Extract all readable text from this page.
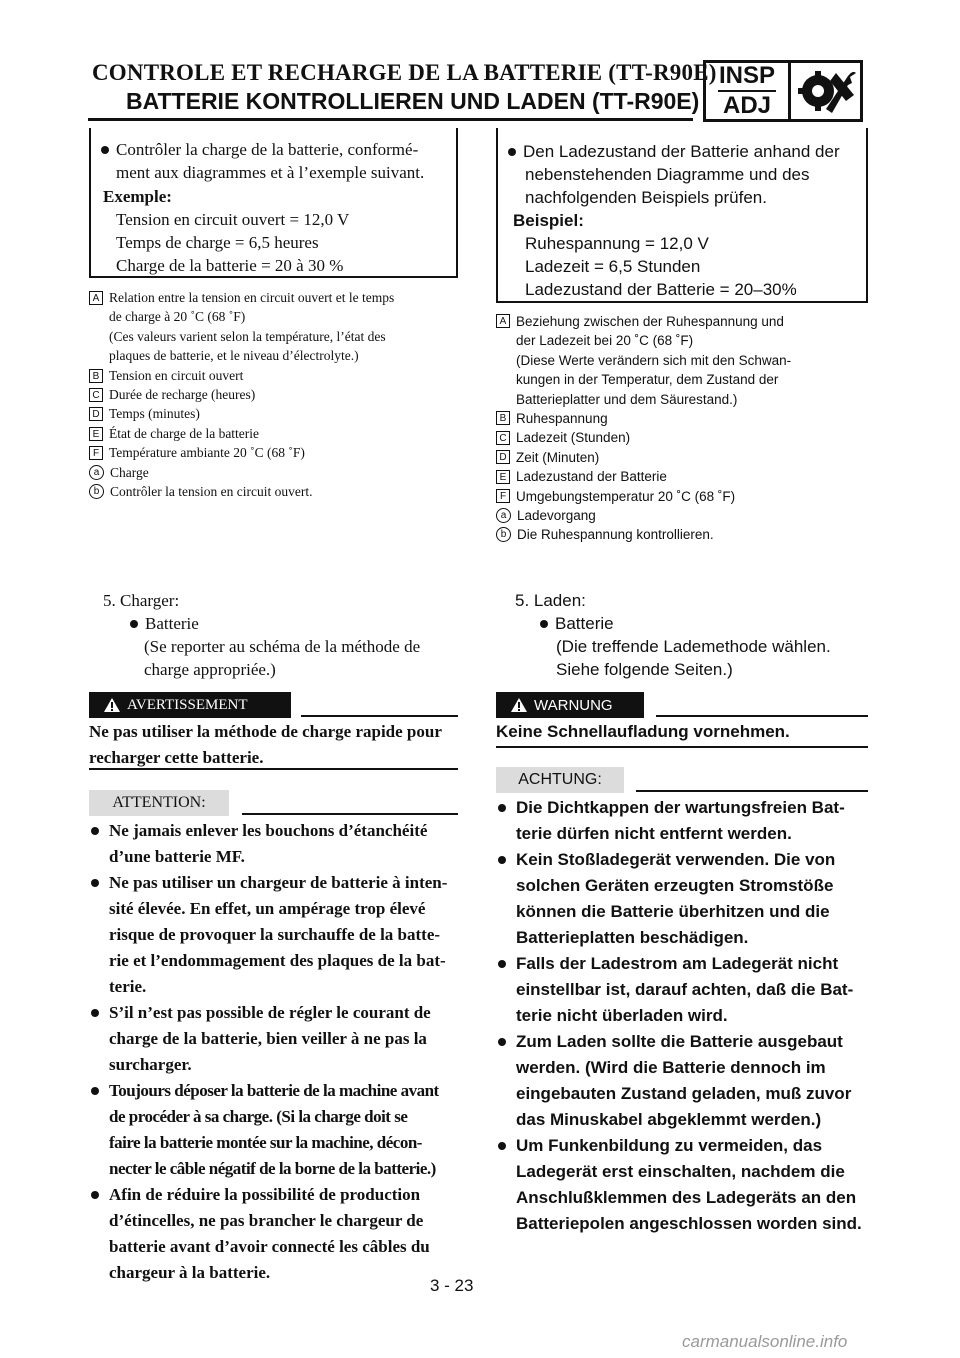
CONTROLE ET RECHARGE DE LA BATTERIE (TT-R90E)
BATTERIE KONTROLLIEREN UND LADEN (TT-R90E)
INSP
ADJ
Contrôler la charge de la batterie, conformé-
ment aux diagrammes et à l’exemple suivant.
Exemple:
Tension en circuit ouvert = 12,0 V
Temps de charge = 6,5 heures
Charge de la batterie = 20 à 30 %
Den Ladezustand der Batterie anhand der
nebenstehenden Diagramme und des
nachfolgenden Beispiels prüfen.
Beispiel:
Ruhespannung = 12,0 V
Ladezeit = 6,5 Stunden
Ladezustand der Batterie = 20–30%
A Relation entre la tension en circuit ouvert et le temps
de charge à 20 ˚C (68 ˚F)
(Ces valeurs varient selon la température, l’état des
plaques de batterie, et le niveau d’électrolyte.)
B Tension en circuit ouvert
C Durée de recharge (heures)
D Temps (minutes)
E État de charge de la batterie
F Température ambiante 20 ˚C (68 ˚F)
a Charge
b Contrôler la tension en circuit ouvert.
A Beziehung zwischen der Ruhespannung und
der Ladezeit bei 20 ˚C (68 ˚F)
(Diese Werte verändern sich mit den Schwan-
kungen in der Temperatur, dem Zustand der
Batterieplatter und dem Säurestand.)
B Ruhespannung
C Ladezeit (Stunden)
D Zeit (Minuten)
E Ladezustand der Batterie
F Umgebungstemperatur 20 ˚C (68 ˚F)
a Ladevorgang
b Die Ruhespannung kontrollieren.
5. Charger:
Batterie
(Se reporter au schéma de la méthode de
charge appropriée.)
5. Laden:
Batterie
(Die treffende Lademethode wählen.
Siehe folgende Seiten.)
AVERTISSEMENT

Ne pas utiliser la méthode de charge rapide pour

recharger cette batterie.

WARNUNG
Keine Schnellaufladung vornehmen.
ATTENTION:

Ne jamais enlever les bouchons d’étanchéité

d’une batterie MF.

Ne pas utiliser un chargeur de batterie à inten-

sité élevée. En effet, un ampérage trop élevé

risque de provoquer la surchauffe de la batte-

rie et l’endommagement des plaques de la bat-

terie.

S’il n’est pas possible de régler le courant de

charge de la batterie, bien veiller à ne pas la

surcharger.

Toujours déposer la batterie de la machine avant

de procéder à sa charge. (Si la charge doit se

faire la batterie montée sur la machine, décon-

necter le câble négatif de la borne de la batterie.)

Afin de réduire la possibilité de production

d’étincelles, ne pas brancher le chargeur de

batterie avant d’avoir connecté les câbles du

chargeur à la batterie.

ACHTUNG:

Die Dichtkappen der wartungsfreien Bat-

terie dürfen nicht entfernt werden.

Kein Stoßladegerät verwenden. Die von

solchen Geräten erzeugten Stromstöße

können die Batterie überhitzen und die

Batterieplatten beschädigen.

Falls der Ladestrom am Ladegerät nicht

einstellbar ist, darauf achten, daß die Bat-

terie nicht überladen wird.

Zum Laden sollte die Batterie ausgebaut

werden. (Wird die Batterie dennoch im

eingebauten Zustand geladen, muß zuvor

das Minuskabel abgeklemmt werden.)

Um Funkenbildung zu vermeiden, das

Ladegerät erst einschalten, nachdem die

Anschlußklemmen des Ladegeräts an den

Batteriepolen angeschlossen worden sind.

3 - 23
carmanualsonline.info
